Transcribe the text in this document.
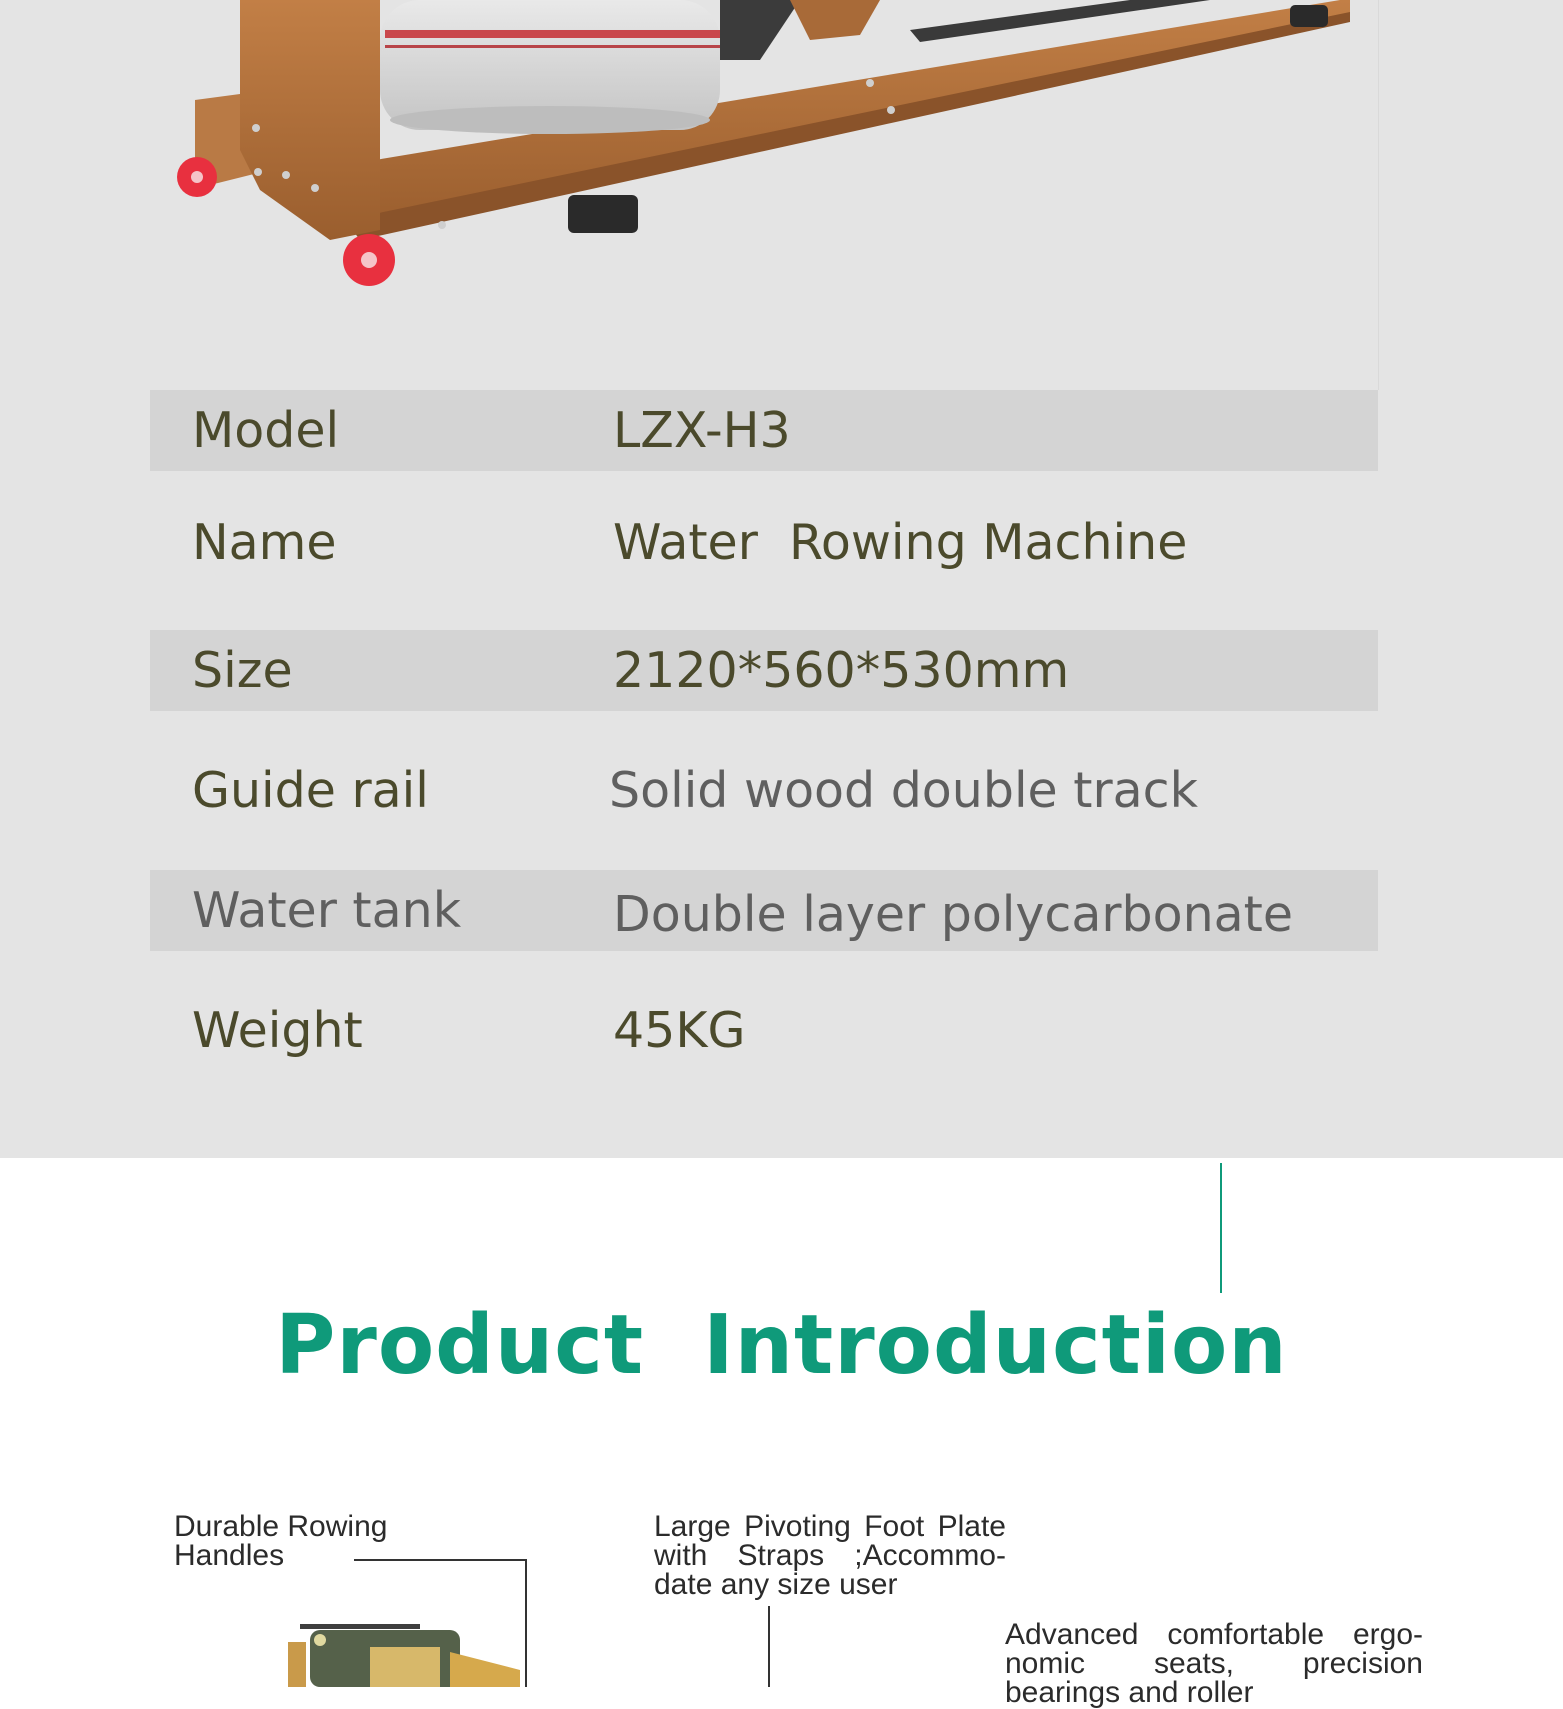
Model	LZX-H3
Name	Water  Rowing Machine
Size	2120*560*530mm
Guide rail	Solid wood double track
Water tank	Double layer polycarbonate
Weight	45KG
Product  Introduction
Durable Rowing Handles
Large Pivoting Foot Plate with Straps ;Accommo-date any size user
Advanced comfortable ergo-nomic seats, precision bearings and roller
